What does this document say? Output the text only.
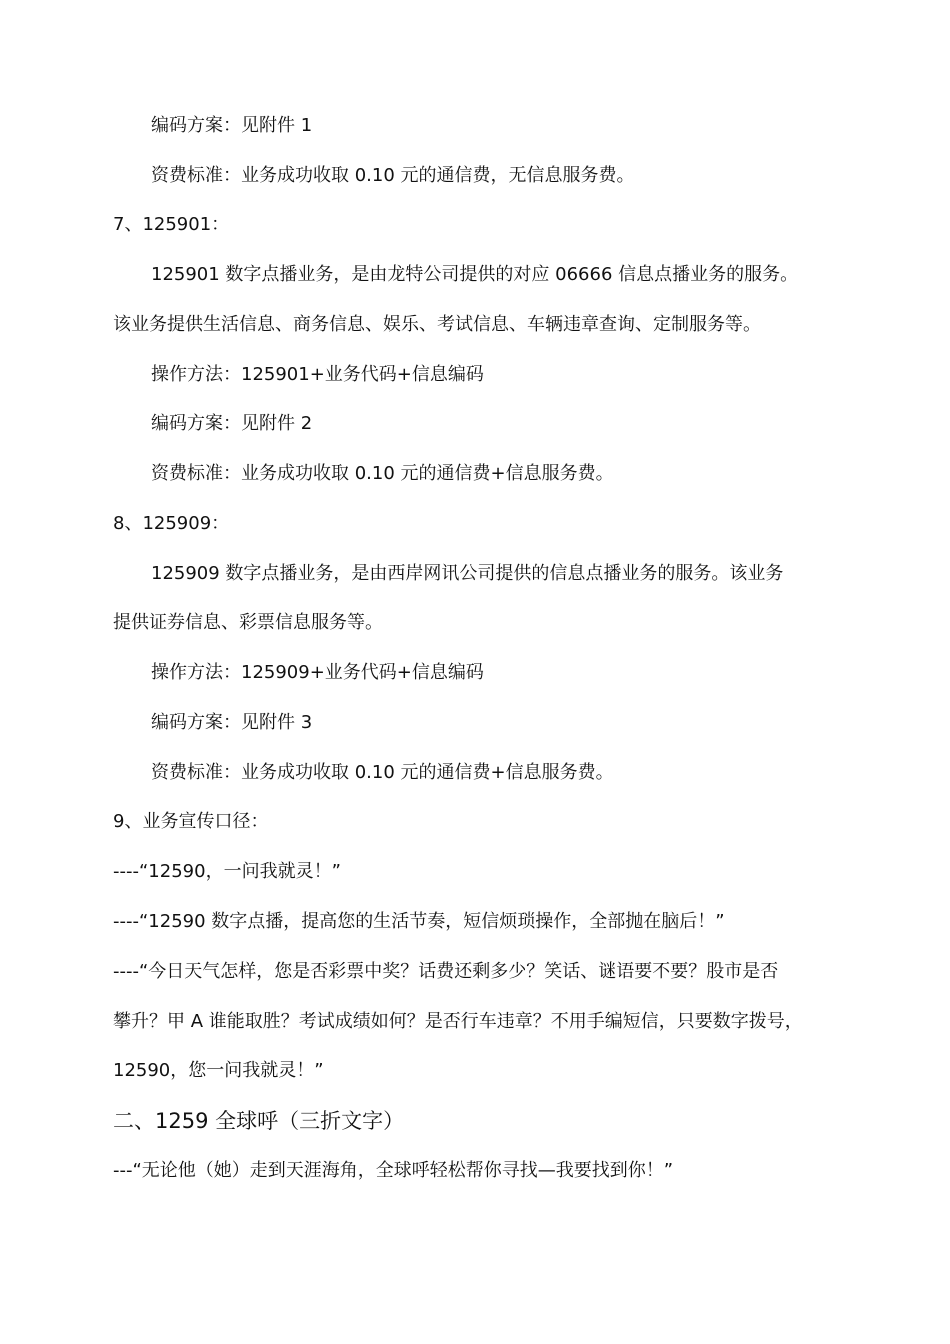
编码方案：见附件 1
资费标准：业务成功收取 0.10 元的通信费，无信息服务费。
7、125901：
125901 数字点播业务，是由龙特公司提供的对应 06666 信息点播业务的服务。
该业务提供生活信息、商务信息、娱乐、考试信息、车辆违章查询、定制服务等。
操作方法：125901+业务代码+信息编码
编码方案：见附件 2
资费标准：业务成功收取 0.10 元的通信费+信息服务费。
8、125909：
125909 数字点播业务，是由西岸网讯公司提供的信息点播业务的服务。该业务
提供证券信息、彩票信息服务等。
操作方法：125909+业务代码+信息编码
编码方案：见附件 3
资费标准：业务成功收取 0.10 元的通信费+信息服务费。
9、业务宣传口径：
----“12590，一问我就灵！”
----“12590 数字点播，提高您的生活节奏，短信烦琐操作，全部抛在脑后！”
----“今日天气怎样，您是否彩票中奖？话费还剩多少？笑话、谜语要不要？股市是否
攀升？甲 A 谁能取胜？考试成绩如何？是否行车违章？不用手编短信，只要数字拨号，
12590，您一问我就灵！”
二、1259 全球呼（三折文字）
---“无论他（她）走到天涯海角，全球呼轻松帮你寻找—我要找到你！”
